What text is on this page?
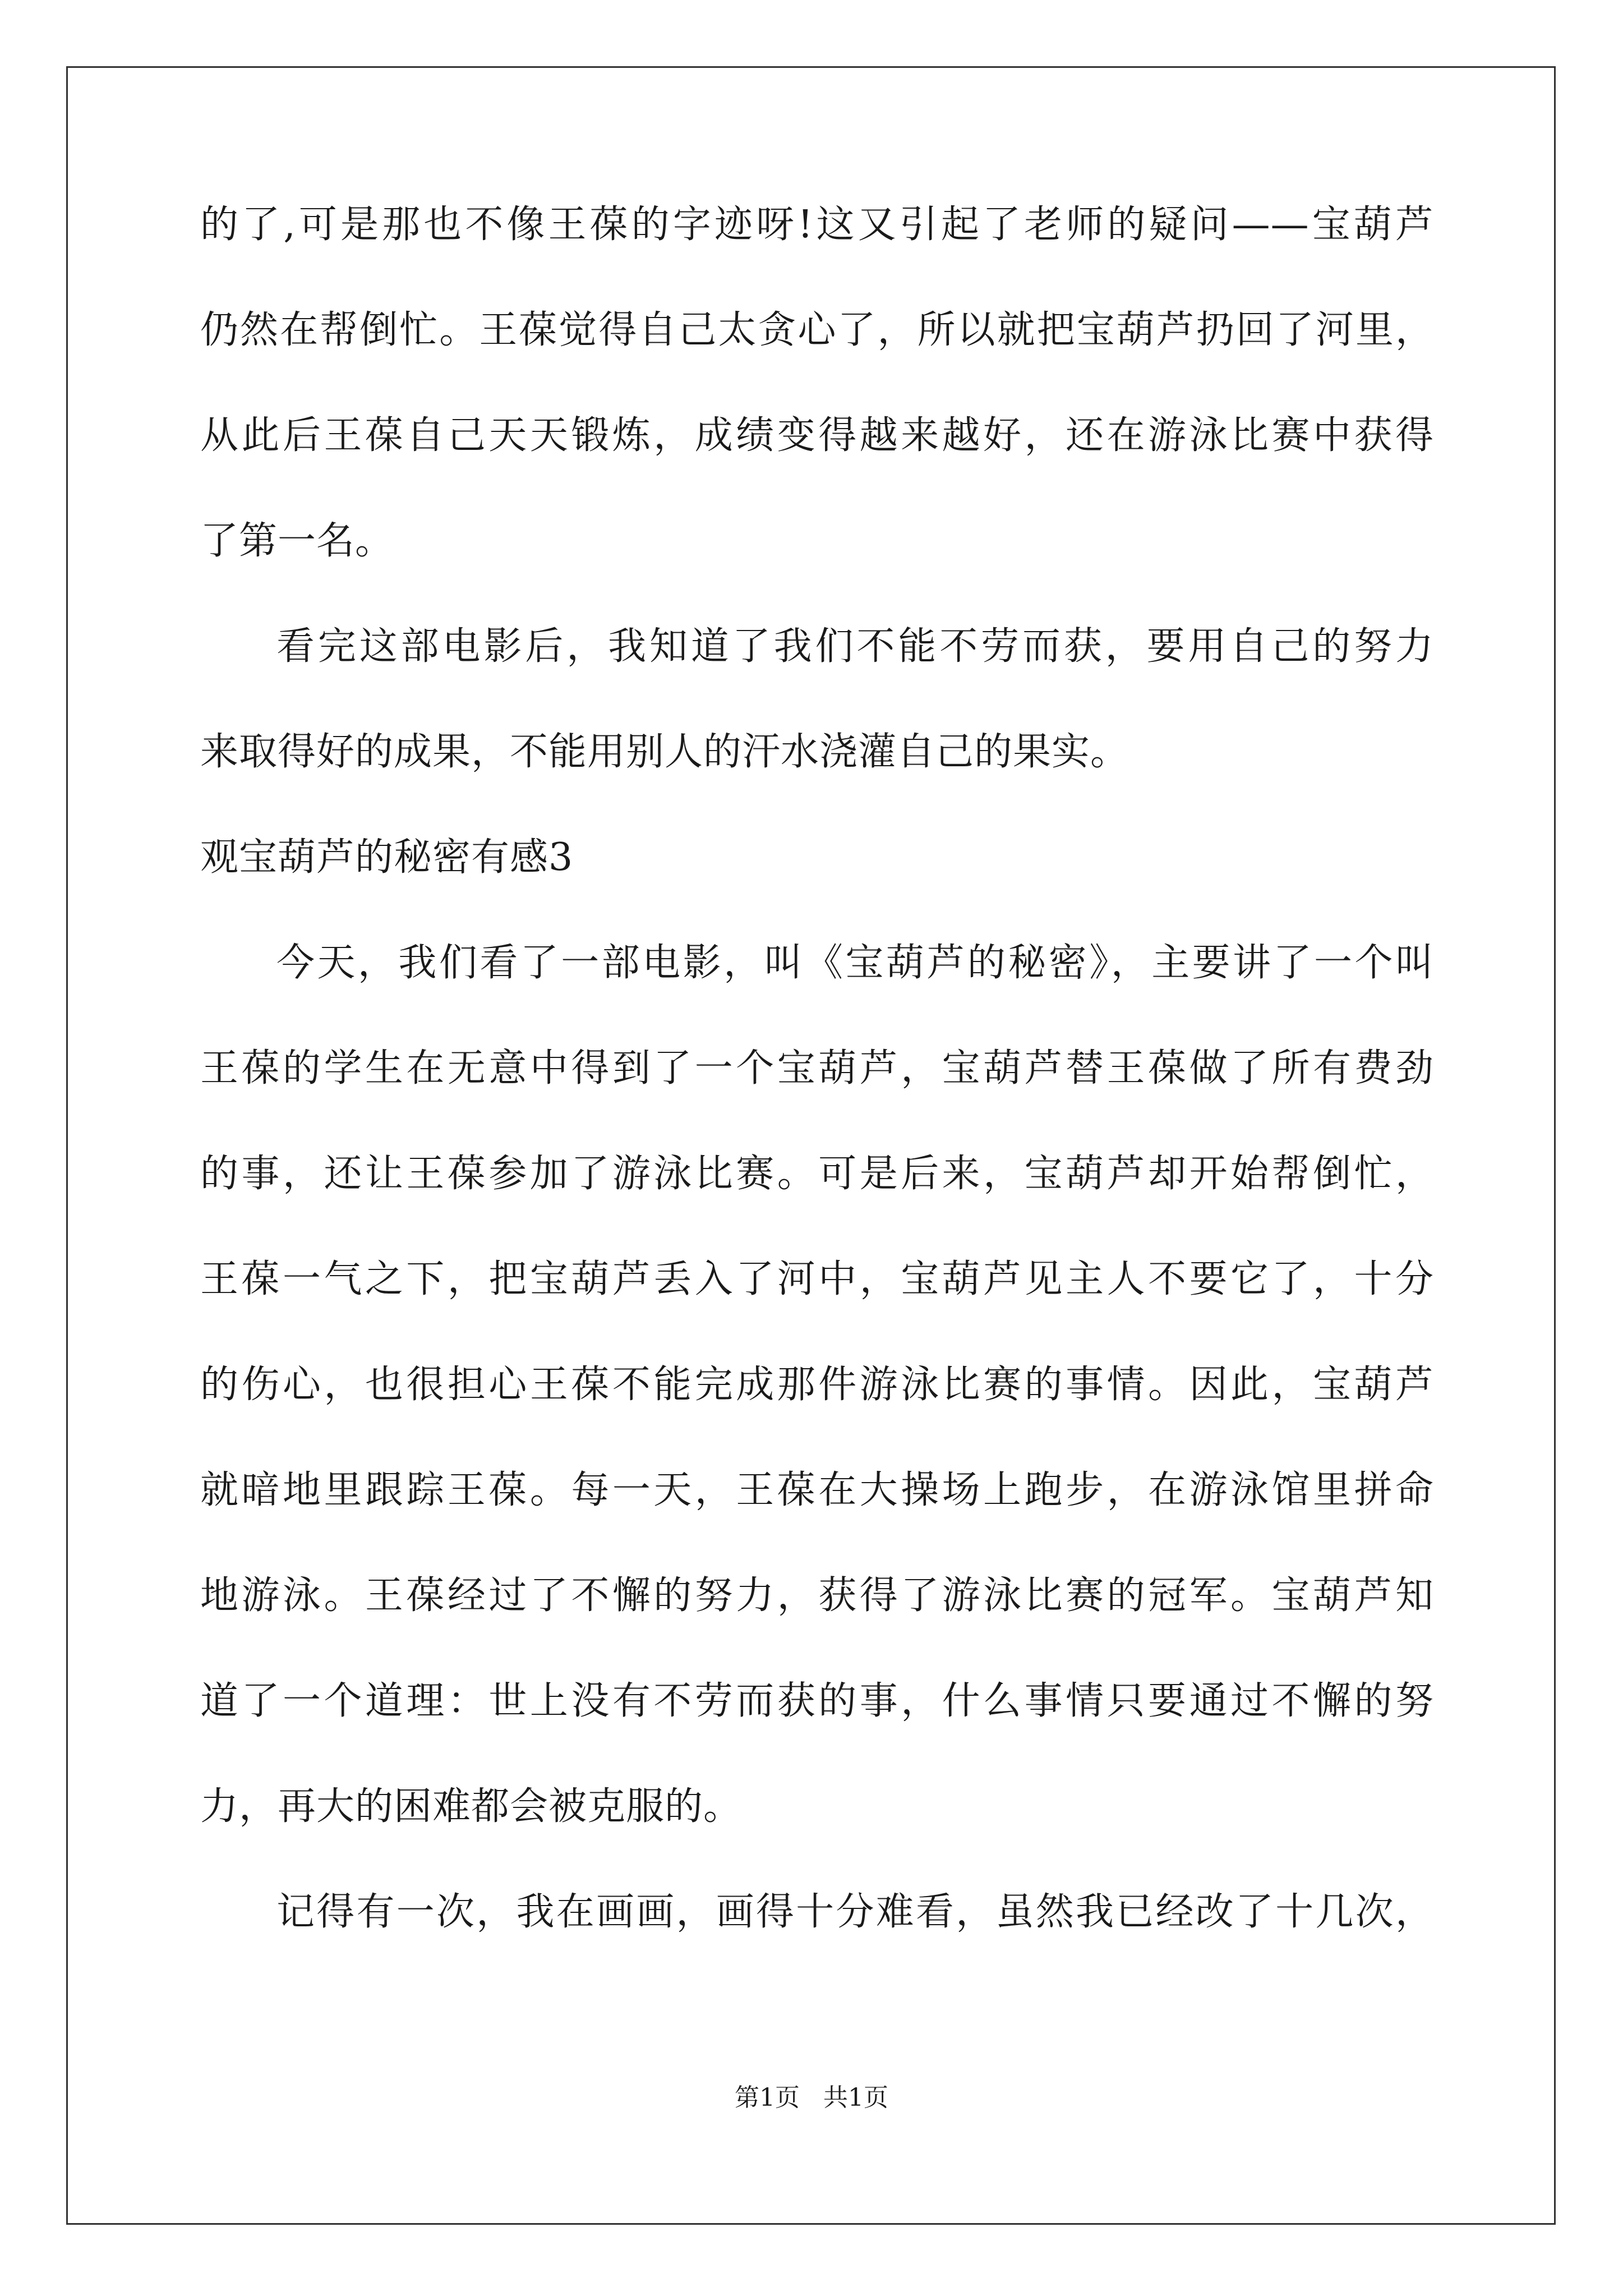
的了,可是那也不像王葆的字迹呀!这又引起了老师的疑问——宝葫芦

仍然在帮倒忙。王葆觉得自己太贪心了，所以就把宝葫芦扔回了河里，

从此后王葆自己天天锻炼，成绩变得越来越好，还在游泳比赛中获得

了第一名。

看完这部电影后，我知道了我们不能不劳而获，要用自己的努力

来取得好的成果，不能用别人的汗水浇灌自己的果实。

观宝葫芦的秘密有感3

今天，我们看了一部电影，叫《宝葫芦的秘密》，主要讲了一个叫

王葆的学生在无意中得到了一个宝葫芦，宝葫芦替王葆做了所有费劲

的事，还让王葆参加了游泳比赛。可是后来，宝葫芦却开始帮倒忙，

王葆一气之下，把宝葫芦丢入了河中，宝葫芦见主人不要它了，十分

的伤心，也很担心王葆不能完成那件游泳比赛的事情。因此，宝葫芦

就暗地里跟踪王葆。每一天，王葆在大操场上跑步，在游泳馆里拼命

地游泳。王葆经过了不懈的努力，获得了游泳比赛的冠军。宝葫芦知

道了一个道理：世上没有不劳而获的事，什么事情只要通过不懈的努

力，再大的困难都会被克服的。

记得有一次，我在画画，画得十分难看，虽然我已经改了十几次，

第1页   共1页
